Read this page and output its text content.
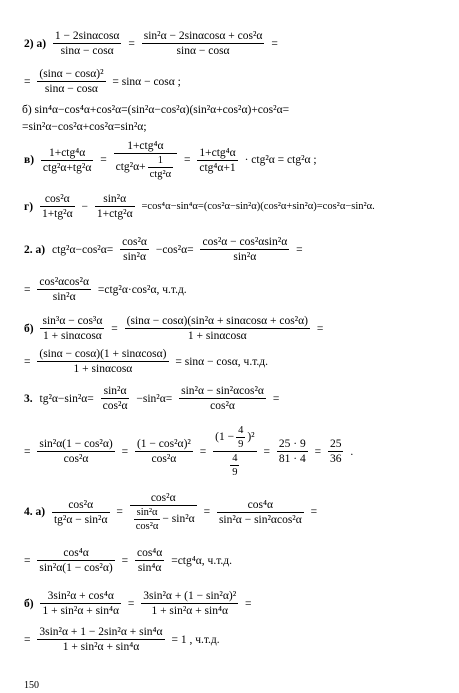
2) $а) \frac{1 - 2\sin\alpha\cos\alpha}{\sin\alpha - \cos\alpha} = \frac{\text{sin²α − 2sinαcosα + cos²α}}{\sin\alpha - \cos\alpha}$ =
= $\frac{\text{(sinα − cosα)²}}{\sin\alpha - \cos\alpha} = \sin\alpha - \cos\alpha$ ;
б) sin⁴α−cos⁴α+cos²α=(sin²α−cos²α)(sin²α+cos²α)+cos²α=
=sin²α−cos²α+cos²α=sin²α;
$в) \frac{\text{1+ctg⁴α}}{\text{ctg²α+tg²α}} = \frac{\text{1+ctg⁴α}}{ctg^2\alpha+ \frac{1}{\text{ctg²α}}} = \frac{\text{1+ctg⁴α}}{\text{ctg⁴α+1}} \cdot ctg^2\alpha = ctg^2\alpha$ ;
$г) \frac{\text{cos²α}}{\text{1+tg²α}} - \frac{\text{sin²α}}{\text{1+ctg²α}} =\cos^4\alpha-\sin^4\alpha=(\cos^2\alpha-\sin^2\alpha)(\cos^2\alpha+\sin^2\alpha)=\cos^2\alpha-\sin^2\alpha$.
2. а) $ctg^2\alpha-\cos^2\alpha= \frac{\text{cos²α}}{\text{sin²α}} -\cos^2\alpha= \frac{\text{cos²α − cos²αsin²α}}{\text{sin²α}}$ =
= $\frac{\text{cos²αcos²α}}{\text{sin²α}} =ctg^2\alpha\cdot\cos^2\alpha$, ч.т.д.
$б) \frac{\text{sin³α − cos³α}}{1 + \sin\alpha\cos\alpha} = \frac{\text{(sinα − cosα)(sin²α + sinαcosα + cos²α)}}{1 + \sin\alpha\cos\alpha}$ =
= $\frac{(\sin\alpha - \cos\alpha)(1 + \sin\alpha\cos\alpha)}{1 + \sin\alpha\cos\alpha} = \sin\alpha - \cos\alpha$, ч.т.д.
3. $tg^2\alpha-\sin^2\alpha= \frac{\text{sin²α}}{\text{cos²α}} -\sin^2\alpha= \frac{\text{sin²α − sin²αcos²α}}{\text{cos²α}}$ =
= $\frac{\text{sin²α(1 − cos²α)}}{\text{cos²α}} = \frac{\text{(1 − cos²α)²}}{\text{cos²α}} = \frac{(1 - \frac{4}{9} )^2}{\frac{4}{9}} = \frac{25 \cdot 9}{81 \cdot 4} = \frac{25}{36}$ .
4. $а) \frac{\text{cos²α}}{\text{tg²α − sin²α}} = \frac{\text{cos²α}}{\frac{\text{sin²α}}{\text{cos²α}} - \sin^2\alpha} = \frac{\text{cos⁴α}}{\text{sin²α − sin²αcos²α}}$ =
= $\frac{\text{cos⁴α}}{\text{sin²α(1 − cos²α)}} = \frac{\text{cos⁴α}}{\text{sin⁴α}} =ctg^4\alpha$, ч.т.д.
$б) \frac{\text{3sin²α + cos⁴α}}{\text{1 + sin²α + sin⁴α}} = \frac{\text{3sin²α + (1 − sin²α)²}}{\text{1 + sin²α + sin⁴α}}$ =
= $\frac{\text{3sin²α + 1 − 2sin²α + sin⁴α}}{\text{1 + sin²α + sin⁴α}} = 1$ , ч.т.д.
150
